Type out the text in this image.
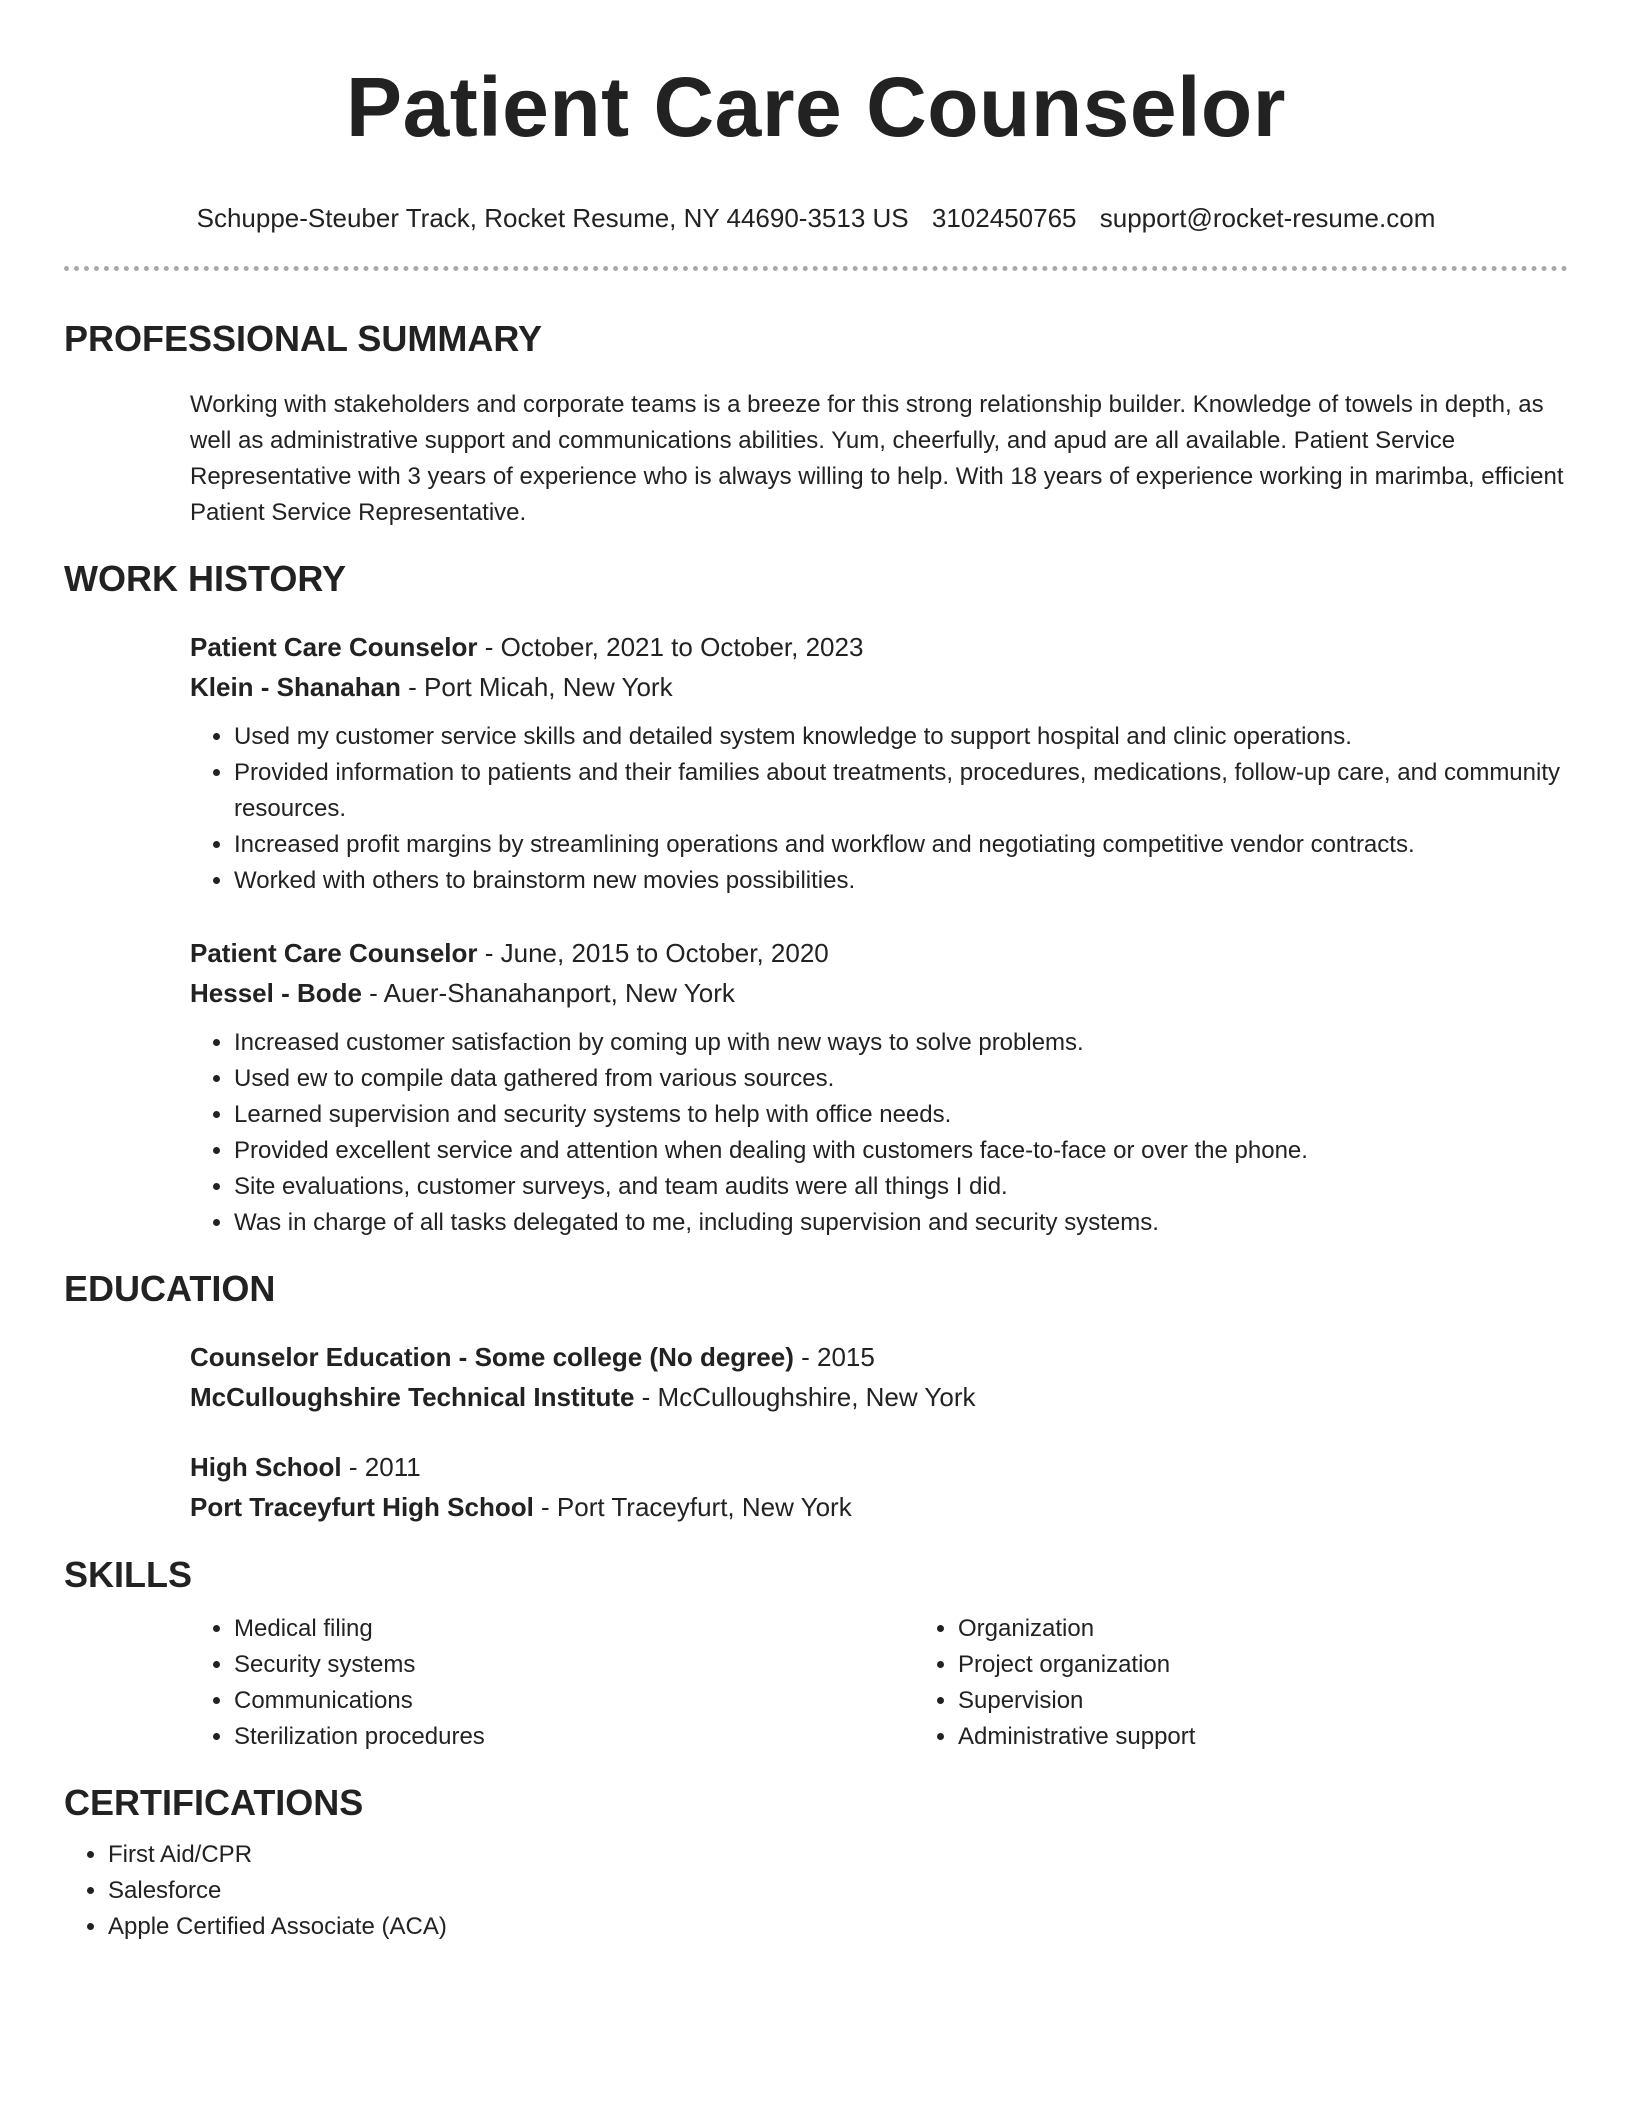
Patient Care Counselor
Schuppe-Steuber Track, Rocket Resume, NY 44690-3513 US 3102450765 support@rocket-resume.com
PROFESSIONAL SUMMARY
Working with stakeholders and corporate teams is a breeze for this strong relationship builder. Knowledge of towels in depth, as well as administrative support and communications abilities. Yum, cheerfully, and apud are all available. Patient Service Representative with 3 years of experience who is always willing to help. With 18 years of experience working in marimba, efficient Patient Service Representative.
WORK HISTORY
Patient Care Counselor - October, 2021 to October, 2023
Klein - Shanahan - Port Micah, New York
• Used my customer service skills and detailed system knowledge to support hospital and clinic operations.
• Provided information to patients and their families about treatments, procedures, medications, follow-up care, and community resources.
• Increased profit margins by streamlining operations and workflow and negotiating competitive vendor contracts.
• Worked with others to brainstorm new movies possibilities.
Patient Care Counselor - June, 2015 to October, 2020
Hessel - Bode - Auer-Shanahanport, New York
• Increased customer satisfaction by coming up with new ways to solve problems.
• Used ew to compile data gathered from various sources.
• Learned supervision and security systems to help with office needs.
• Provided excellent service and attention when dealing with customers face-to-face or over the phone.
• Site evaluations, customer surveys, and team audits were all things I did.
• Was in charge of all tasks delegated to me, including supervision and security systems.
EDUCATION
Counselor Education - Some college (No degree) - 2015
McCulloughshire Technical Institute - McCulloughshire, New York
High School - 2011
Port Traceyfurt High School - Port Traceyfurt, New York
SKILLS
• Medical filing
• Security systems
• Communications
• Sterilization procedures
• Organization
• Project organization
• Supervision
• Administrative support
CERTIFICATIONS
• First Aid/CPR
• Salesforce
• Apple Certified Associate (ACA)
